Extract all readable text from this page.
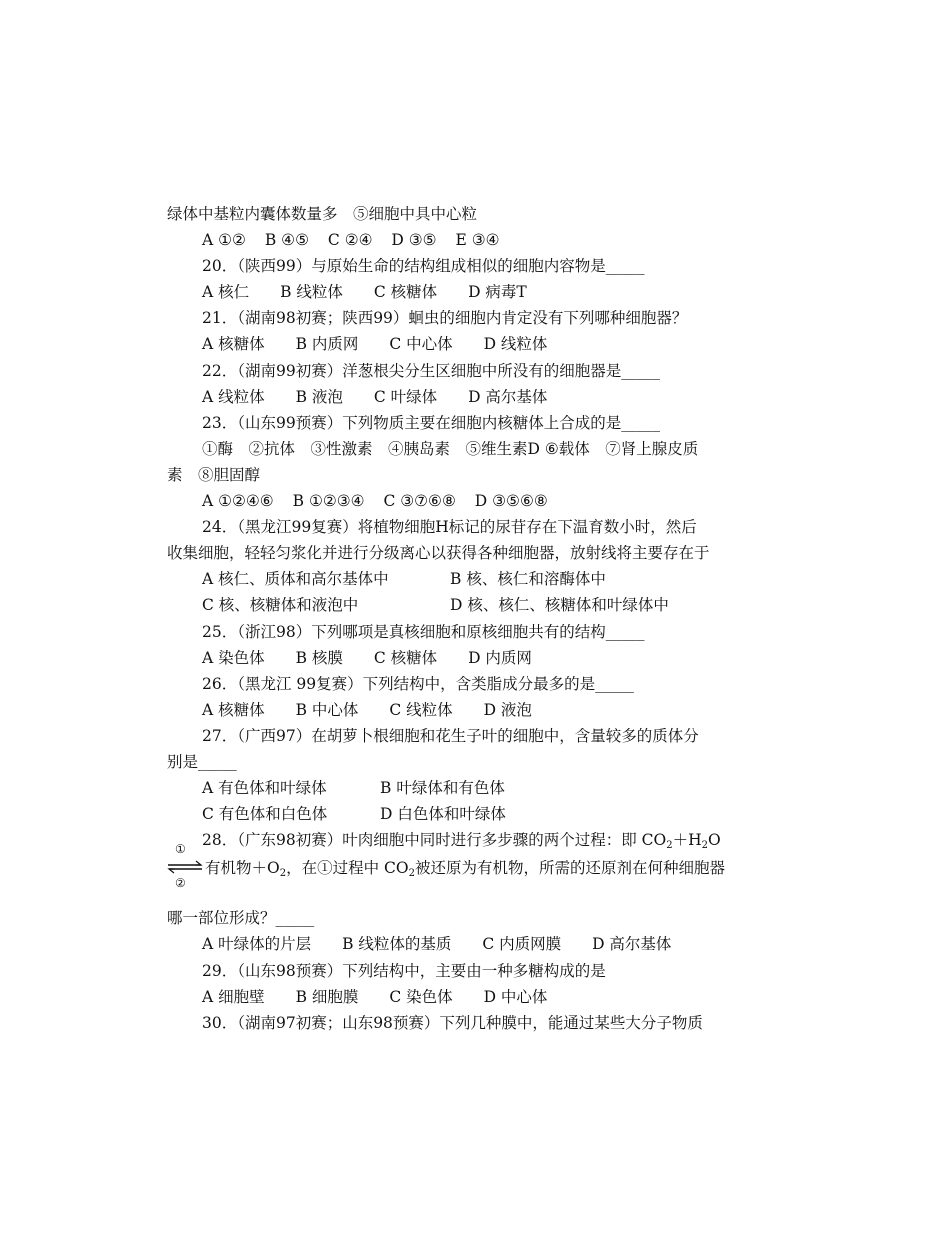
绿体中基粒内囊体数量多　⑤细胞中具中心粒
A ①② B ④⑤ C ②④ D ③⑤ E ③④
20．（陕西99）与原始生命的结构组成相似的细胞内容物是_____
A 核仁 B 线粒体 C 核糖体 D 病毒T
21．（湖南98初赛；陕西99）蛔虫的细胞内肯定没有下列哪种细胞器？
A 核糖体 B 内质网 C 中心体 D 线粒体
22．（湖南99初赛）洋葱根尖分生区细胞中所没有的细胞器是_____
A 线粒体 B 液泡 C 叶绿体 D 高尔基体
23．（山东99预赛）下列物质主要在细胞内核糖体上合成的是_____
①酶　②抗体　③性激素　④胰岛素　⑤维生素D ⑥载体　⑦肾上腺皮质
素　⑧胆固醇
A ①②④⑥ B ①②③④ C ③⑦⑥⑧ D ③⑤⑥⑧
24．（黑龙江99复赛）将植物细胞H标记的尿苷存在下温育数小时，然后
收集细胞，轻轻匀浆化并进行分级离心以获得各种细胞器，放射线将主要存在于
A 核仁、质体和高尔基体中	B 核、核仁和溶酶体中
C 核、核糖体和液泡中	D 核、核仁、核糖体和叶绿体中
25．（浙江98）下列哪项是真核细胞和原核细胞共有的结构_____
A 染色体 B 核膜 C 核糖体 D 内质网
26．（黑龙江 99复赛）下列结构中，含类脂成分最多的是_____
A 核糖体 B 中心体 C 线粒体 D 液泡
27．（广西97）在胡萝卜根细胞和花生子叶的细胞中，含量较多的质体分
别是_____
A 有色体和叶绿体	B 叶绿体和有色体
C 有色体和白色体	D 白色体和叶绿体
28．（广东98初赛）叶肉细胞中同时进行多步骤的两个过程：即 $CO_2+H_2O$
①
②
有机物$+O_2$，在①过程中 $CO_2$被还原为有机物，所需的还原剂在何种细胞器
哪一部位形成？_____
A 叶绿体的片层 B 线粒体的基质 C 内质网膜 D 高尔基体
29．（山东98预赛）下列结构中，主要由一种多糖构成的是
A 细胞壁 B 细胞膜 C 染色体 D 中心体
30．（湖南97初赛；山东98预赛）下列几种膜中，能通过某些大分子物质
